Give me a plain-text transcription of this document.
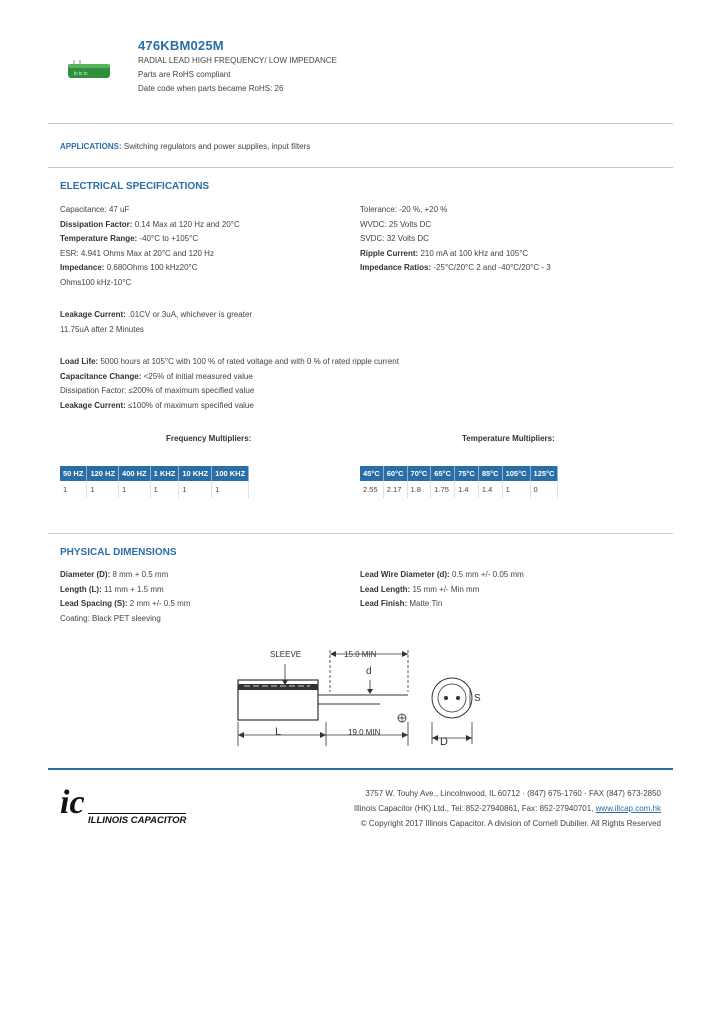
ic ic ic
476KBM025M
RADIAL LEAD HIGH FREQUENCY/ LOW IMPEDANCE
Parts are RoHS compliant
Date code when parts became RoHS: 26
APPLICATIONS: Switching regulators and power supplies, input filters
ELECTRICAL SPECIFICATIONS
Capacitance: 47 uF
Dissipation Factor: 0.14 Max at 120 Hz and 20°C
Temperature Range: -40°C to +105°C
ESR: 4.941 Ohms Max at 20°C and 120 Hz
Impedance: 0.680Ohms 100 kHz20°C
Ohms100 kHz-10°C
Tolerance: -20 %, +20 %
WVDC: 25 Volts DC
SVDC: 32 Volts DC
Ripple Current: 210 mA at 100 kHz and 105°C
Impedance Ratios: -25°C/20°C 2 and -40°C/20°C - 3
Leakage Current: .01CV or 3uA, whichever is greater
11.75uA after 2 Minutes
Load Life: 5000 hours at 105°C with 100 % of rated voltage and with 0 % of rated ripple current
Capacitance Change: <25% of initial measured value
Dissipation Factor: ≤200% of maximum specified value
Leakage Current: ≤100% of maximum specified value
Frequency Multipliers:	Temperature Multipliers:
50 HZ	120 HZ	400 HZ	1 KHZ	10 KHZ	100 KHZ
1	1	1	1	1	1
45°C	60°C	70°C	65°C	75°C	85°C	105°C	125°C
2.55	2.17	1.8	1.75	1.4	1.4	1	0
PHYSICAL DIMENSIONS
Diameter (D): 8 mm + 0.5 mm
Length (L): 11 mm + 1.5 mm
Lead Spacing (S): 2 mm +/- 0.5 mm
Coating: Black PET sleeving
Lead Wire Diameter (d): 0.5 mm +/- 0.05 mm
Lead Length: 15 mm +/- Min mm
Lead Finish: Matte Tin
SLEEVE	15.0 MIN
d
ic
L	19.0 MIN
S
D
ic ILLINOIS CAPACITOR
3757 W. Touhy Ave., Lincolnwood, IL 60712 · (847) 675-1760 · FAX (847) 673-2850
Illinois Capacitor (HK) Ltd., Tel: 852-27940861, Fax: 852-27940701, www.illcap.com.hk
© Copyright 2017 Illinois Capacitor. A division of Cornell Dubilier. All Rights Reserved
